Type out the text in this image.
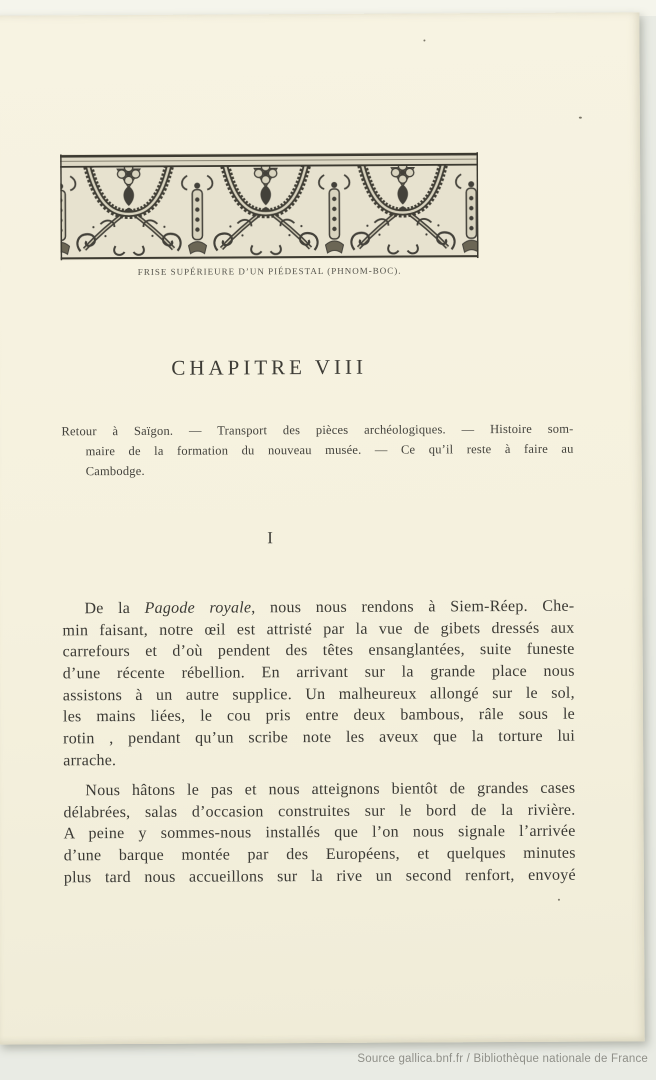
FRISE SUPÉRIEURE D’UN PIÉDESTAL (PHNOM-BOC).
CHAPITRE VIII
Retour à Saïgon. — Transport des pièces archéologiques. — Histoire som-
maire de la formation du nouveau musée. — Ce qu’il reste à faire au
Cambodge.
I
De la Pagode royale, nous nous rendons à Siem-Réep. Che-
min faisant, notre œil est attristé par la vue de gibets dressés aux
carrefours et d’où pendent des têtes ensanglantées, suite funeste
d’une récente rébellion. En arrivant sur la grande place nous
assistons à un autre supplice. Un malheureux allongé sur le sol,
les mains liées, le cou pris entre deux bambous, râle sous le
rotin , pendant qu’un scribe note les aveux que la torture lui
arrache.
Nous hâtons le pas et nous atteignons bientôt de grandes cases
délabrées, salas d’occasion construites sur le bord de la rivière.
A peine y sommes-nous installés que l’on nous signale l’arrivée
d’une barque montée par des Européens, et quelques minutes
plus tard nous accueillons sur la rive un second renfort, envoyé
Source gallica.bnf.fr / Bibliothèque nationale de France
